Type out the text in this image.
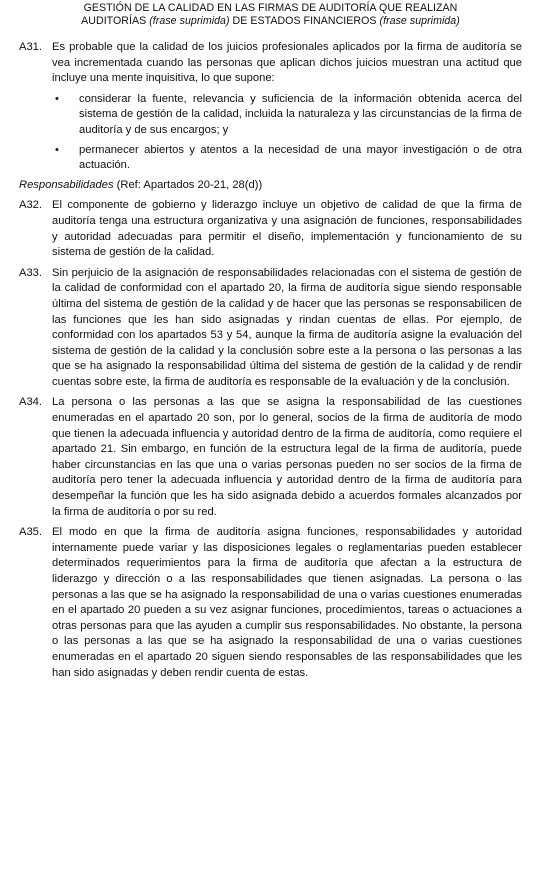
GESTIÓN DE LA CALIDAD EN LAS FIRMAS DE AUDITORÍA QUE REALIZAN
AUDITORÍAS (frase suprimida) DE ESTADOS FINANCIEROS (frase suprimida)
A31. Es probable que la calidad de los juicios profesionales aplicados por la firma de auditoría se vea incrementada cuando las personas que aplican dichos juicios muestran una actitud que incluye una mente inquisitiva, lo que supone:
•	considerar la fuente, relevancia y suficiencia de la información obtenida acerca del sistema de gestión de la calidad, incluida la naturaleza y las circunstancias de la firma de auditoría y de sus encargos; y
•	permanecer abiertos y atentos a la necesidad de una mayor investigación o de otra actuación.
Responsabilidades (Ref: Apartados 20-21, 28(d))
A32. El componente de gobierno y liderazgo incluye un objetivo de calidad de que la firma de auditoría tenga una estructura organizativa y una asignación de funciones, responsabilidades y autoridad adecuadas para permitir el diseño, implementación y funcionamiento de su sistema de gestión de la calidad.
A33. Sin perjuicio de la asignación de responsabilidades relacionadas con el sistema de gestión de la calidad de conformidad con el apartado 20, la firma de auditoría sigue siendo responsable última del sistema de gestión de la calidad y de hacer que las personas se responsabilicen de las funciones que les han sido asignadas y rindan cuentas de ellas. Por ejemplo, de conformidad con los apartados 53 y 54, aunque la firma de auditoría asigne la evaluación del sistema de gestión de la calidad y la conclusión sobre este a la persona o las personas a las que se ha asignado la responsabilidad última del sistema de gestión de la calidad y de rendir cuentas sobre este, la firma de auditoría es responsable de la evaluación y de la conclusión.
A34. La persona o las personas a las que se asigna la responsabilidad de las cuestiones enumeradas en el apartado 20 son, por lo general, socios de la firma de auditoría de modo que tienen la adecuada influencia y autoridad dentro de la firma de auditoría, como requiere el apartado 21. Sin embargo, en función de la estructura legal de la firma de auditoría, puede haber circunstancias en las que una o varias personas pueden no ser socios de la firma de auditoría pero tener la adecuada influencia y autoridad dentro de la firma de auditoría para desempeñar la función que les ha sido asignada debido a acuerdos formales alcanzados por la firma de auditoría o por su red.
A35. El modo en que la firma de auditoría asigna funciones, responsabilidades y autoridad internamente puede variar y las disposiciones legales o reglamentarias pueden establecer determinados requerimientos para la firma de auditoría que afectan a la estructura de liderazgo y dirección o a las responsabilidades que tienen asignadas. La persona o las personas a las que se ha asignado la responsabilidad de una o varias cuestiones enumeradas en el apartado 20 pueden a su vez asignar funciones, procedimientos, tareas o actuaciones a otras personas para que las ayuden a cumplir sus responsabilidades. No obstante, la persona o las personas a las que se ha asignado la responsabilidad de una o varias cuestiones enumeradas en el apartado 20 siguen siendo responsables de las responsabilidades que les han sido asignadas y deben rendir cuenta de estas.
